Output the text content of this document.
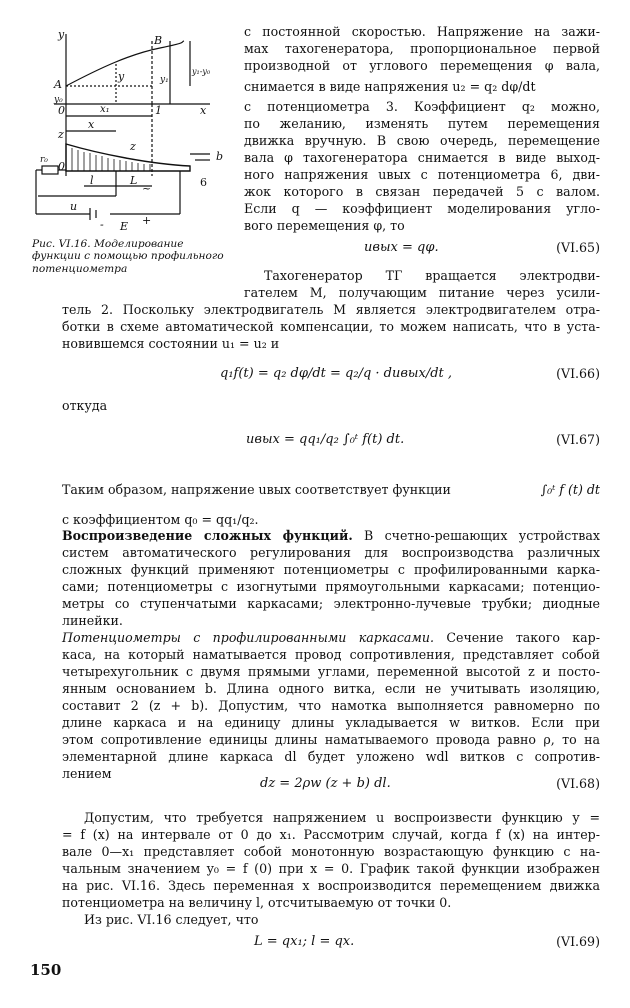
y	B
y	y₁
y₁-y₀
A
y₀
0	x₁	1	x
x
z
z
b
r₀ 0
l	L
u
E
-	+
~	6
Рис. VI.16. Моделирование функции с помощью профильного потенциометра
с постоянной скоростью. Напряжение на зажи-
мах тахогенератора, пропорциональное первой
производной от углового перемещения φ вала,
снимается в виде напряжения u₂ = q₂ dφ/dt
с потенциометра 3. Коэффициент q₂ можно,
по желанию, изменять путем перемещения
движка вручную. В свою очередь, перемещение
вала φ тахогенератора снимается в виде выход-
ного напряжения uвых с потенциометра 6, дви-
жок которого в связан передачей 5 с валом.
Если q — коэффициент моделирования угло-
вого перемещения φ, то
uвых = qφ.	(VI.65)
Тахогенератор ТГ вращается электродви-
гателем М, получающим питание через усили-
тель 2. Поскольку электродвигатель М является электродвигателем отра-
ботки в схеме автоматической компенсации, то можем написать, что в устa-
новившемся состоянии u₁ = u₂ и
q₁f(t) = q₂ dφ/dt = q₂/q · duвых/dt ,	(VI.66)
откуда
uвых = qq₁/q₂ ∫₀ᵗ f(t) dt.	(VI.67)
Таким образом, напряжение uвых соответствует функции	∫₀ᵗ f (t) dt
с коэффициентом q₀ = qq₁/q₂.
Воспроизведение сложных функций. В счетно-решающих устройствах
систем автоматического регулирования для воспроизводства различных
сложных функций применяют потенциометры с профилированными карка-
сами; потенциометры с изогнутыми прямоугольными каркасами; потенцио-
метры со ступенчатыми каркасами; электронно-лучевые трубки; диодные
линейки.
Потенциометры с профилированными каркасами. Сечение такого кар-
каса, на который наматывается провод сопротивления, представляет собой
четырехугольник с двумя прямыми углами, переменной высотой z и посто-
янным основанием b. Длина одного витка, если не учитывать изоляцию,
составит 2 (z + b). Допустим, что намотка выполняется равномерно по
длине каркаса и на единицу длины укладывается w витков. Если при
этом сопротивление единицы длины наматываемого провода равно ρ, то на
элементарной длине каркаса dl будет уложено wdl витков с сопротив-
лением
dz = 2ρw (z + b) dl.	(VI.68)
Допустим, что требуется напряжением u воспроизвести функцию y =
= f (x) на интервале от 0 до x₁. Рассмотрим случай, когда f (x) на интер-
вале 0—x₁ представляет собой монотонную возрастающую функцию с на-
чальным значением y₀ = f (0) при x = 0. График такой функции изображен
на рис. VI.16. Здесь переменная x воспроизводится перемещением движка
потенциометра на величину l, отсчитываемую от точки 0.
Из рис. VI.16 следует, что
L = qx₁; l = qx.	(VI.69)
150
